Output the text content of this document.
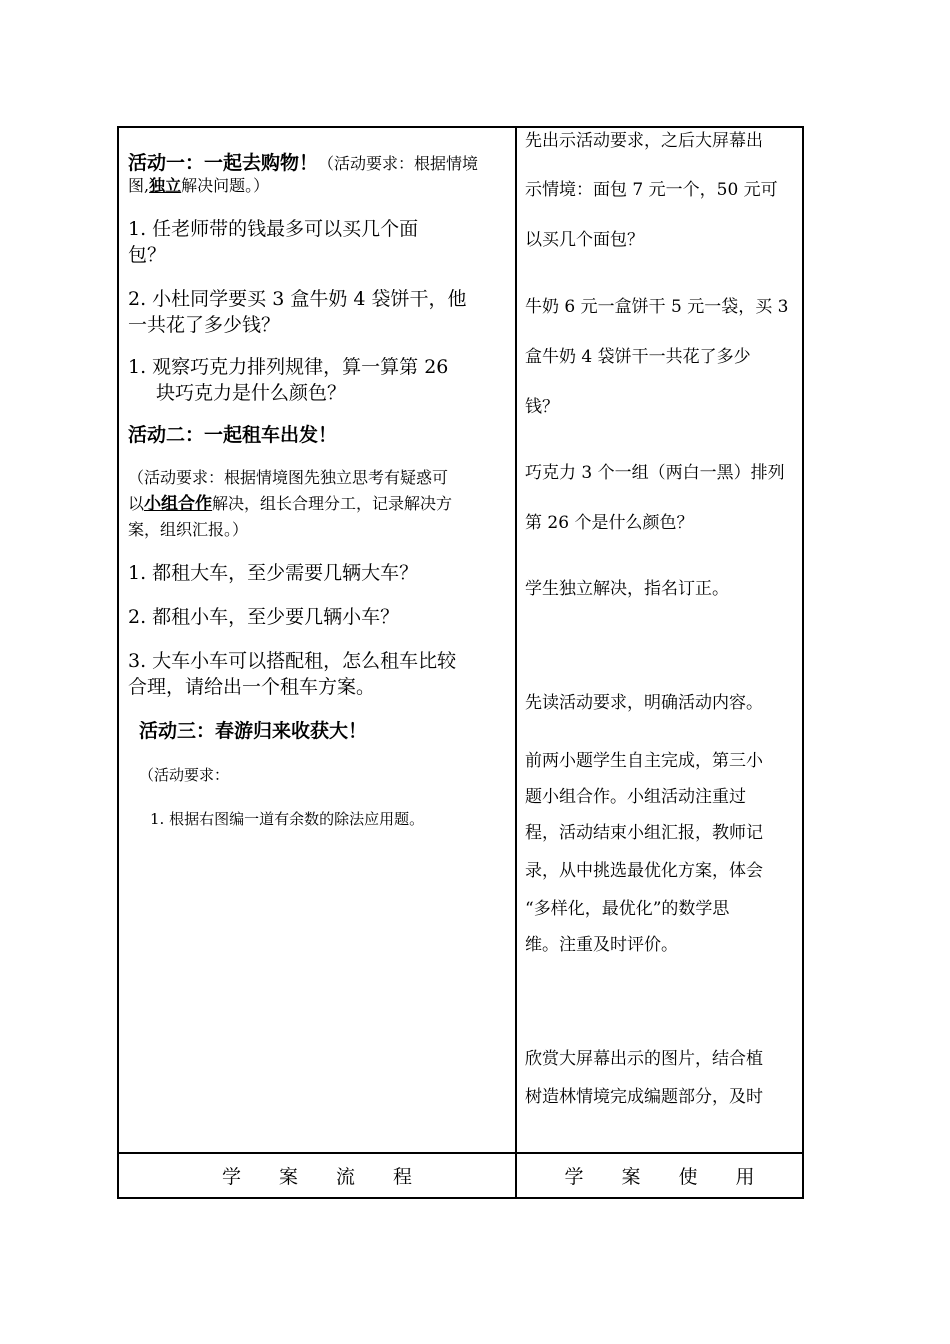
活动一：一起去购物！（活动要求：根据情境

图,独立解决问题。）

1. 任老师带的钱最多可以买几个面

包？

2. 小杜同学要买 3 盒牛奶 4 袋饼干，他

一共花了多少钱？

1. 观察巧克力排列规律，算一算第 26

块巧克力是什么颜色？

活动二：一起租车出发！

（活动要求：根据情境图先独立思考有疑惑可

以小组合作解决，组长合理分工，记录解决方

案，组织汇报。）

1. 都租大车，至少需要几辆大车？

2. 都租小车，至少要几辆小车？

3. 大车小车可以搭配租，怎么租车比较

合理，请给出一个租车方案。

活动三：春游归来收获大！

（活动要求：

1. 根据右图编一道有余数的除法应用题。

先出示活动要求，之后大屏幕出

示情境：面包 7 元一个，50 元可

以买几个面包？

牛奶 6 元一盒饼干 5 元一袋，买 3

盒牛奶 4 袋饼干一共花了多少

钱？

巧克力 3 个一组（两白一黑）排列

第 26 个是什么颜色？

学生独立解决，指名订正。

先读活动要求，明确活动内容。

前两小题学生自主完成，第三小

题小组合作。小组活动注重过

程，活动结束小组汇报，教师记

录，从中挑选最优化方案，体会

“多样化，最优化”的数学思

维。注重及时评价。

欣赏大屏幕出示的图片，结合植

树造林情境完成编题部分，及时

学　　案　　流　　程	学　　案　　使　　用
